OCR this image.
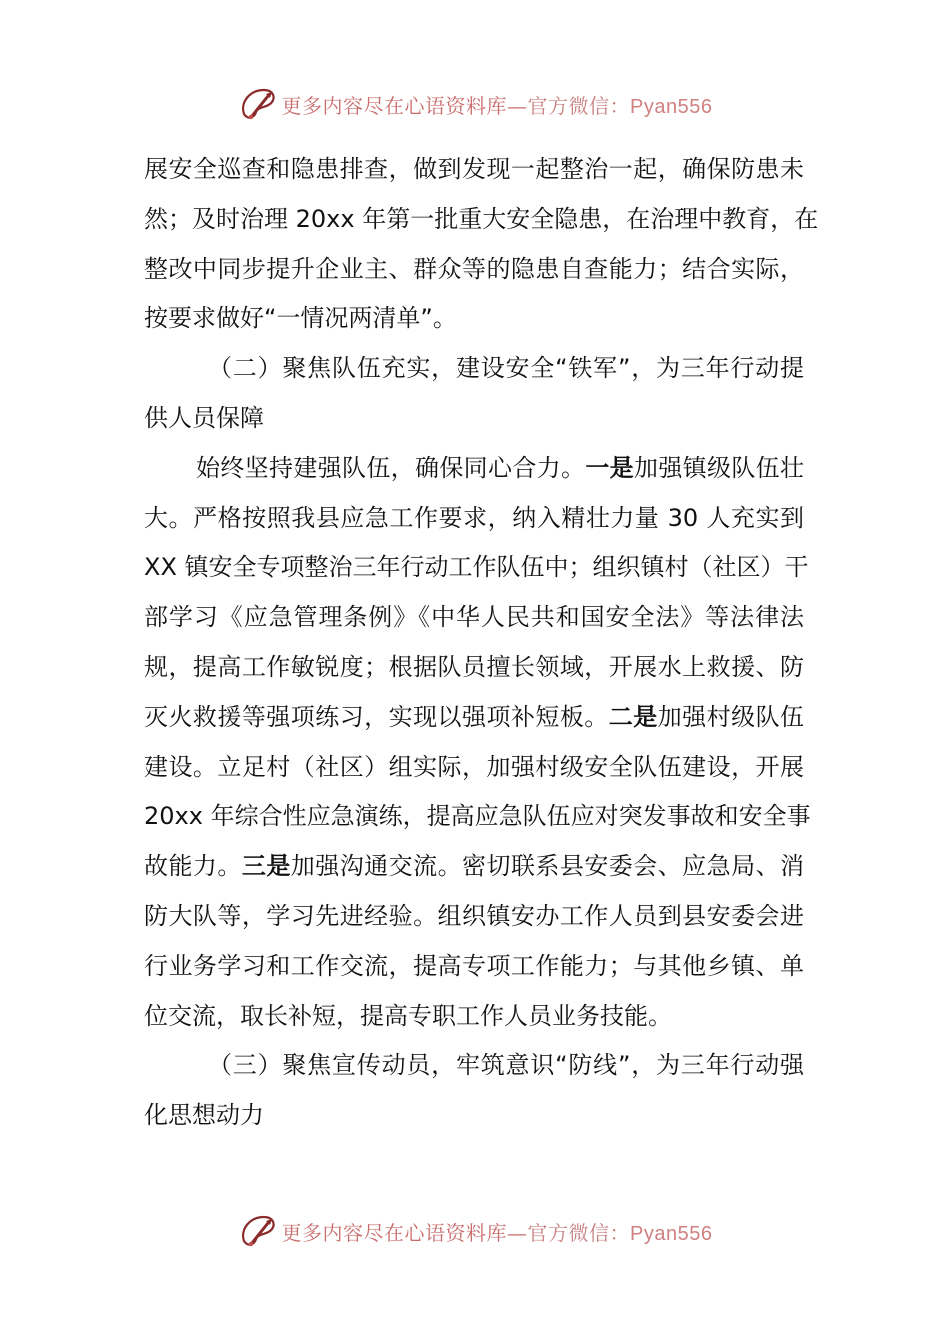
更多内容尽在心语资料库—官方微信：Pyan556
展安全巡查和隐患排查，做到发现一起整治一起，确保防患未
然；及时治理 20xx 年第一批重大安全隐患，在治理中教育，在
整改中同步提升企业主、群众等的隐患自查能力；结合实际，
按要求做好“一情况两清单”。
（二）聚焦队伍充实，建设安全“铁军”，为三年行动提
供人员保障
始终坚持建强队伍，确保同心合力。一是加强镇级队伍壮
大。严格按照我县应急工作要求，纳入精壮力量 30 人充实到
XX 镇安全专项整治三年行动工作队伍中；组织镇村（社区）干
部学习《应急管理条例》《中华人民共和国安全法》等法律法
规，提高工作敏锐度；根据队员擅长领域，开展水上救援、防
灭火救援等强项练习，实现以强项补短板。二是加强村级队伍
建设。立足村（社区）组实际，加强村级安全队伍建设，开展
20xx 年综合性应急演练，提高应急队伍应对突发事故和安全事
故能力。三是加强沟通交流。密切联系县安委会、应急局、消
防大队等，学习先进经验。组织镇安办工作人员到县安委会进
行业务学习和工作交流，提高专项工作能力；与其他乡镇、单
位交流，取长补短，提高专职工作人员业务技能。
（三）聚焦宣传动员，牢筑意识“防线”，为三年行动强
化思想动力
更多内容尽在心语资料库—官方微信：Pyan556
